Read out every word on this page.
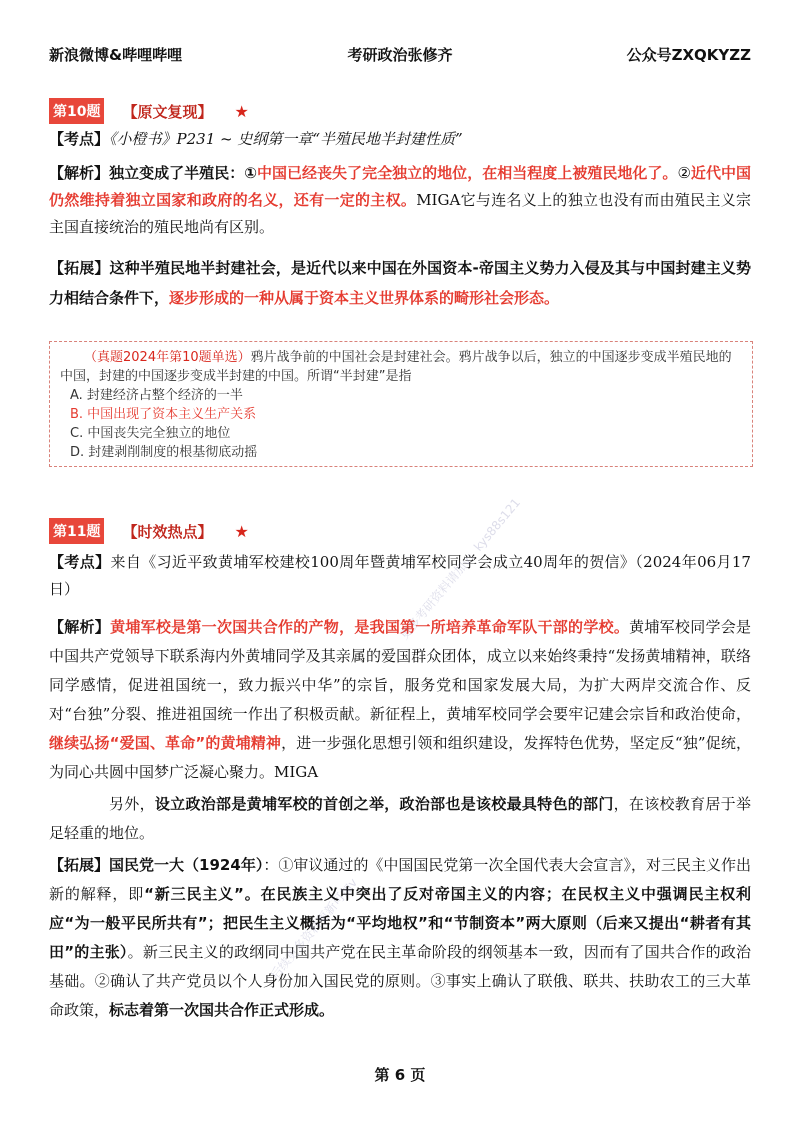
新浪微博&哔哩哔哩	考研政治张修齐	公众号ZXQKYZZ
第10题 【原文复现】 ★

【考点】《小橙书》P231 ~ 史纲第一章“半殖民地半封建性质”

【解析】独立变成了半殖民：①中国已经丧失了完全独立的地位，在相当程度上被殖民地化了。②近代中国仍然维持着独立国家和政府的名义，还有一定的主权。MIGA它与连名义上的独立也没有而由殖民主义宗主国直接统治的殖民地尚有区别。

【拓展】这种半殖民地半封建社会，是近代以来中国在外国资本-帝国主义势力入侵及其与中国封建主义势力相结合条件下，逐步形成的一种从属于资本主义世界体系的畸形社会形态。

（真题2024年第10题单选）鸦片战争前的中国社会是封建社会。鸦片战争以后，独立的中国逐步变成半殖民地的中国，封建的中国逐步变成半封建的中国。所谓“半封建”是指
A. 封建经济占整个经济的一半
B. 中国出现了资本主义生产关系
C. 中国丧失完全独立的地位
D. 封建剥削制度的根基彻底动摇
第11题 【时效热点】 ★

【考点】来自《习近平致黄埔军校建校100周年暨黄埔军校同学会成立40周年的贺信》（2024年06月17日）

【解析】黄埔军校是第一次国共合作的产物，是我国第一所培养革命军队干部的学校。黄埔军校同学会是中国共产党领导下联系海内外黄埔同学及其亲属的爱国群众团体，成立以来始终秉持“发扬黄埔精神，联络同学感情，促进祖国统一，致力振兴中华”的宗旨，服务党和国家发展大局，为扩大两岸交流合作、反对“台独”分裂、推进祖国统一作出了积极贡献。新征程上，黄埔军校同学会要牢记建会宗旨和政治使命，继续弘扬“爱国、革命”的黄埔精神，进一步强化思想引领和组织建设，发挥特色优势，坚定反“独”促统，为同心共圆中国梦广泛凝心聚力。MIGA

另外，设立政治部是黄埔军校的首创之举，政治部也是该校最具特色的部门，在该校教育居于举足轻重的地位。

【拓展】国民党一大（1924年）：①审议通过的《中国国民党第一次全国代表大会宣言》，对三民主义作出新的解释，即“新三民主义”。在民族主义中突出了反对帝国主义的内容；在民权主义中强调民主权利应“为一般平民所共有”；把民生主义概括为“平均地权”和“节制资本”两大原则（后来又提出“耕者有其田”的主张）。新三民主义的政纲同中国共产党在民主革命阶段的纲领基本一致，因而有了国共合作的政治基础。②确认了共产党员以个人身份加入国民党的原则。③事实上确认了联俄、联共、扶助农工的三大革命政策，标志着第一次国共合作正式形成。

更多考研资料请加v：kys88s121
后续更多资料更新可加v
第 6 页
